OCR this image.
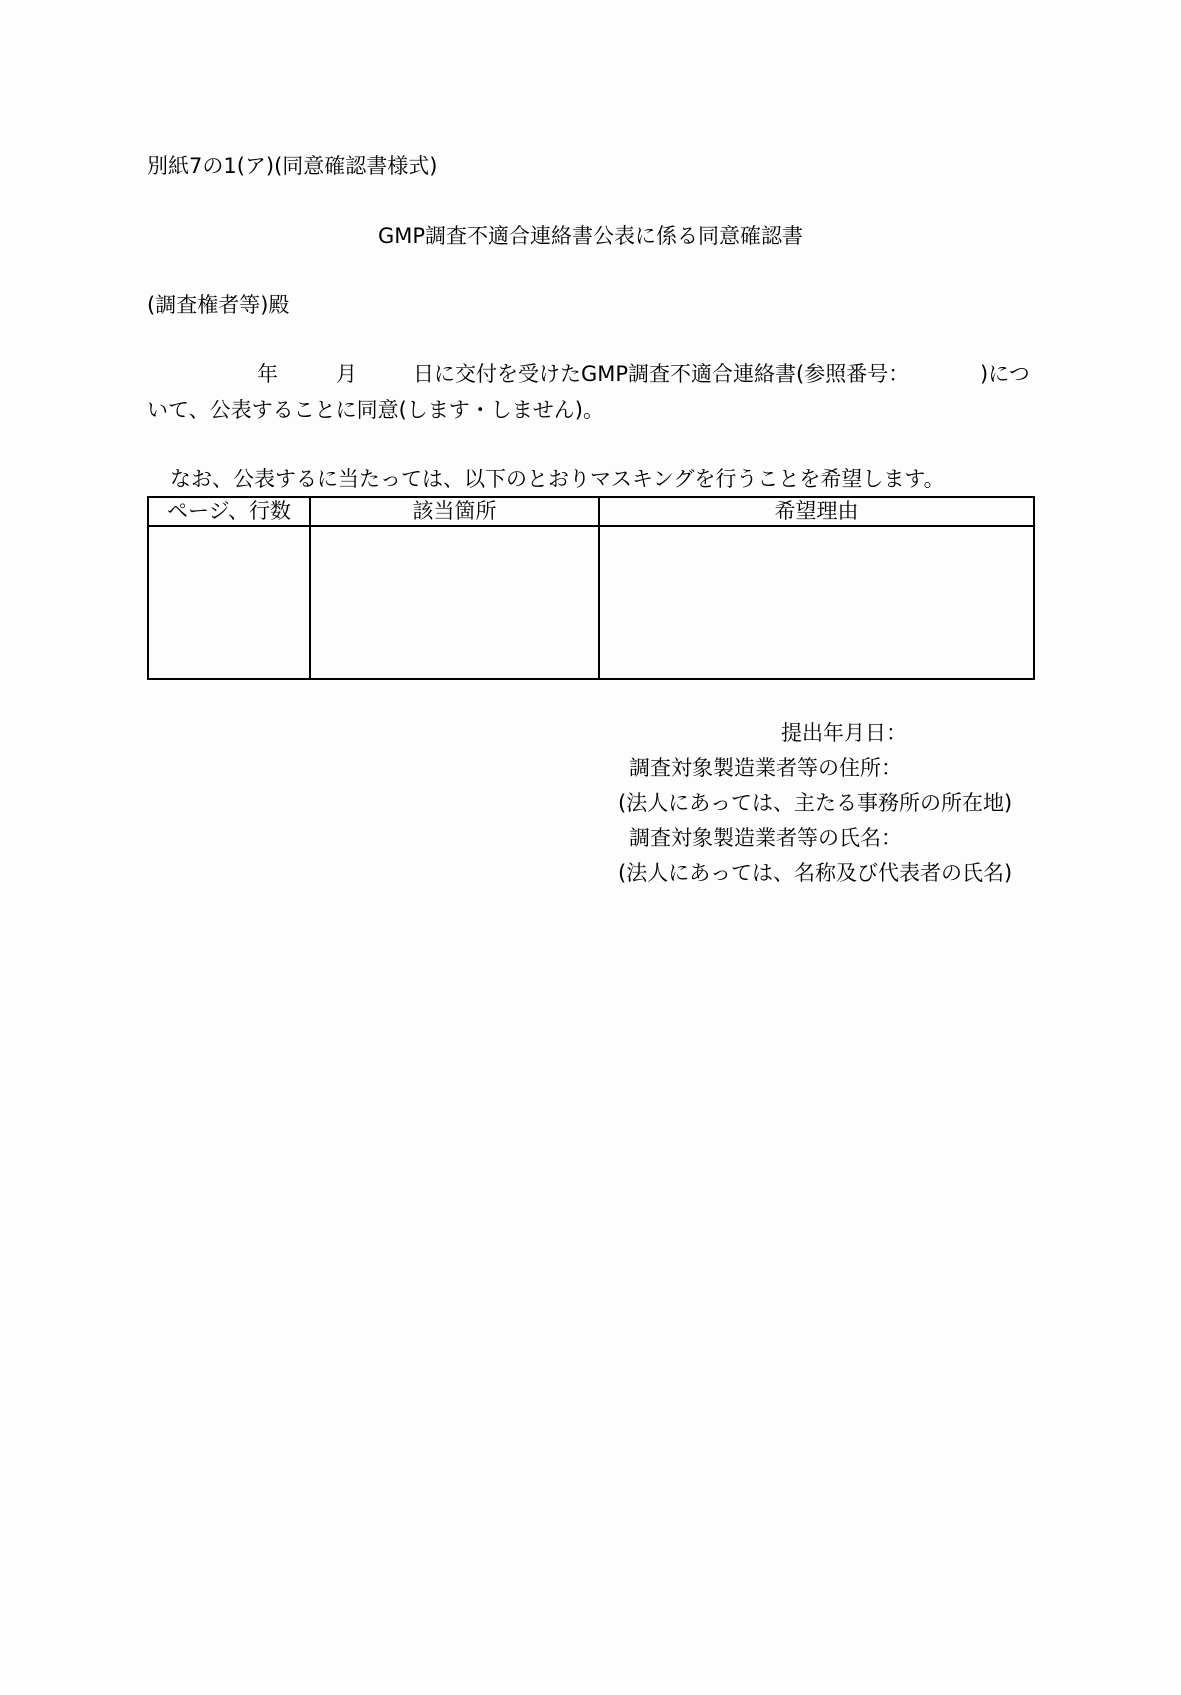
別紙7の1(ア)(同意確認書様式)
GMP調査不適合連絡書公表に係る同意確認書
(調査権者等)殿
年	月	日に交付を受けたGMP調査不適合連絡書(参照番号：	)につ
いて、公表することに同意(します・しません)。
なお、公表するに当たっては、以下のとおりマスキングを行うことを希望します。
ページ、行数	該当箇所	希望理由

提出年月日：
調査対象製造業者等の住所：
(法人にあっては、主たる事務所の所在地)
調査対象製造業者等の氏名：
(法人にあっては、名称及び代表者の氏名)
